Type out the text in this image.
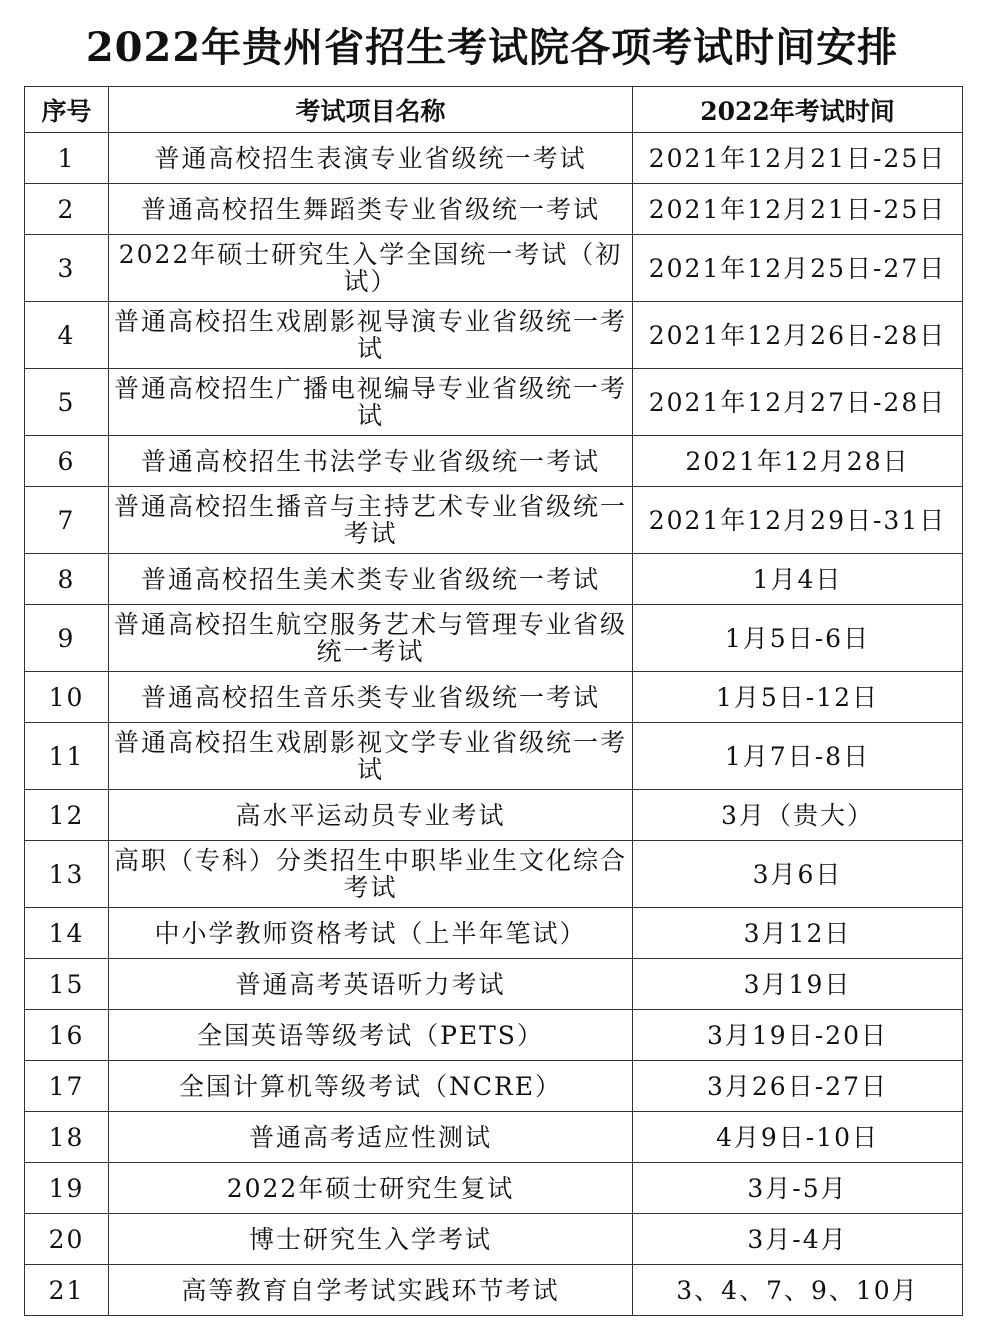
2022年贵州省招生考试院各项考试时间安排
序号	考试项目名称	2022年考试时间
1	普通高校招生表演专业省级统一考试	2021年12月21日-25日
2	普通高校招生舞蹈类专业省级统一考试	2021年12月21日-25日
3	2022年硕士研究生入学全国统一考试（初试）	2021年12月25日-27日
4	普通高校招生戏剧影视导演专业省级统一考试	2021年12月26日-28日
5	普通高校招生广播电视编导专业省级统一考试	2021年12月27日-28日
6	普通高校招生书法学专业省级统一考试	2021年12月28日
7	普通高校招生播音与主持艺术专业省级统一考试	2021年12月29日-31日
8	普通高校招生美术类专业省级统一考试	1月4日
9	普通高校招生航空服务艺术与管理专业省级统一考试	1月5日-6日
10	普通高校招生音乐类专业省级统一考试	1月5日-12日
11	普通高校招生戏剧影视文学专业省级统一考试	1月7日-8日
12	高水平运动员专业考试	3月（贵大）
13	高职（专科）分类招生中职毕业生文化综合考试	3月6日
14	中小学教师资格考试（上半年笔试）	3月12日
15	普通高考英语听力考试	3月19日
16	全国英语等级考试（PETS）	3月19日-20日
17	全国计算机等级考试（NCRE）	3月26日-27日
18	普通高考适应性测试	4月9日-10日
19	2022年硕士研究生复试	3月-5月
20	博士研究生入学考试	3月-4月
21	高等教育自学考试实践环节考试	3、4、7、9、10月
